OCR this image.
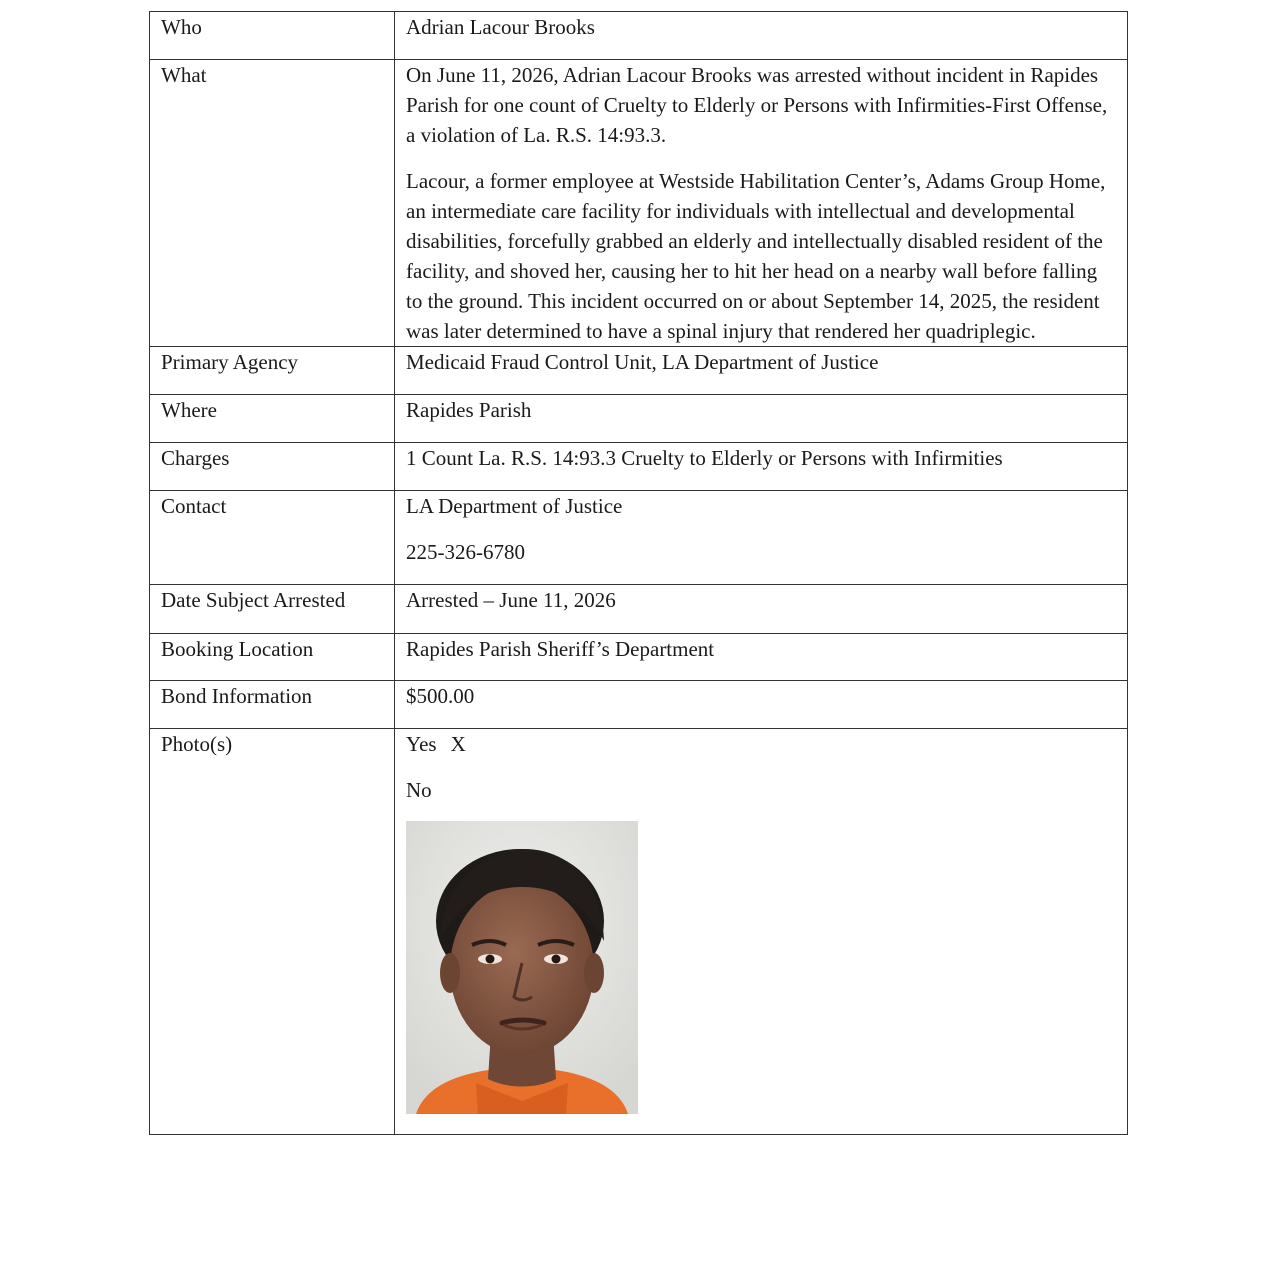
Who	Adrian Lacour Brooks

What	On June 11, 2026, Adrian Lacour Brooks was arrested without incident in Rapides Parish for one count of Cruelty to Elderly or Persons with Infirmities-First Offense, a violation of La. R.S. 14:93.3.

Lacour, a former employee at Westside Habilitation Center’s, Adams Group Home, an intermediate care facility for individuals with intellectual and developmental disabilities, forcefully grabbed an elderly and intellectually disabled resident of the facility, and shoved her, causing her to hit her head on a nearby wall before falling to the ground. This incident occurred on or about September 14, 2025, the resident was later determined to have a spinal injury that rendered her quadriplegic.

Primary Agency	Medicaid Fraud Control Unit, LA Department of Justice

Where	Rapides Parish

Charges	1 Count La. R.S. 14:93.3 Cruelty to Elderly or Persons with Infirmities

Contact	LA Department of Justice

225-326-6780

Date Subject Arrested	Arrested – June 11, 2026

Booking Location	Rapides Parish Sheriff’s Department

Bond Information	$500.00

Photo(s)	Yes X

No
